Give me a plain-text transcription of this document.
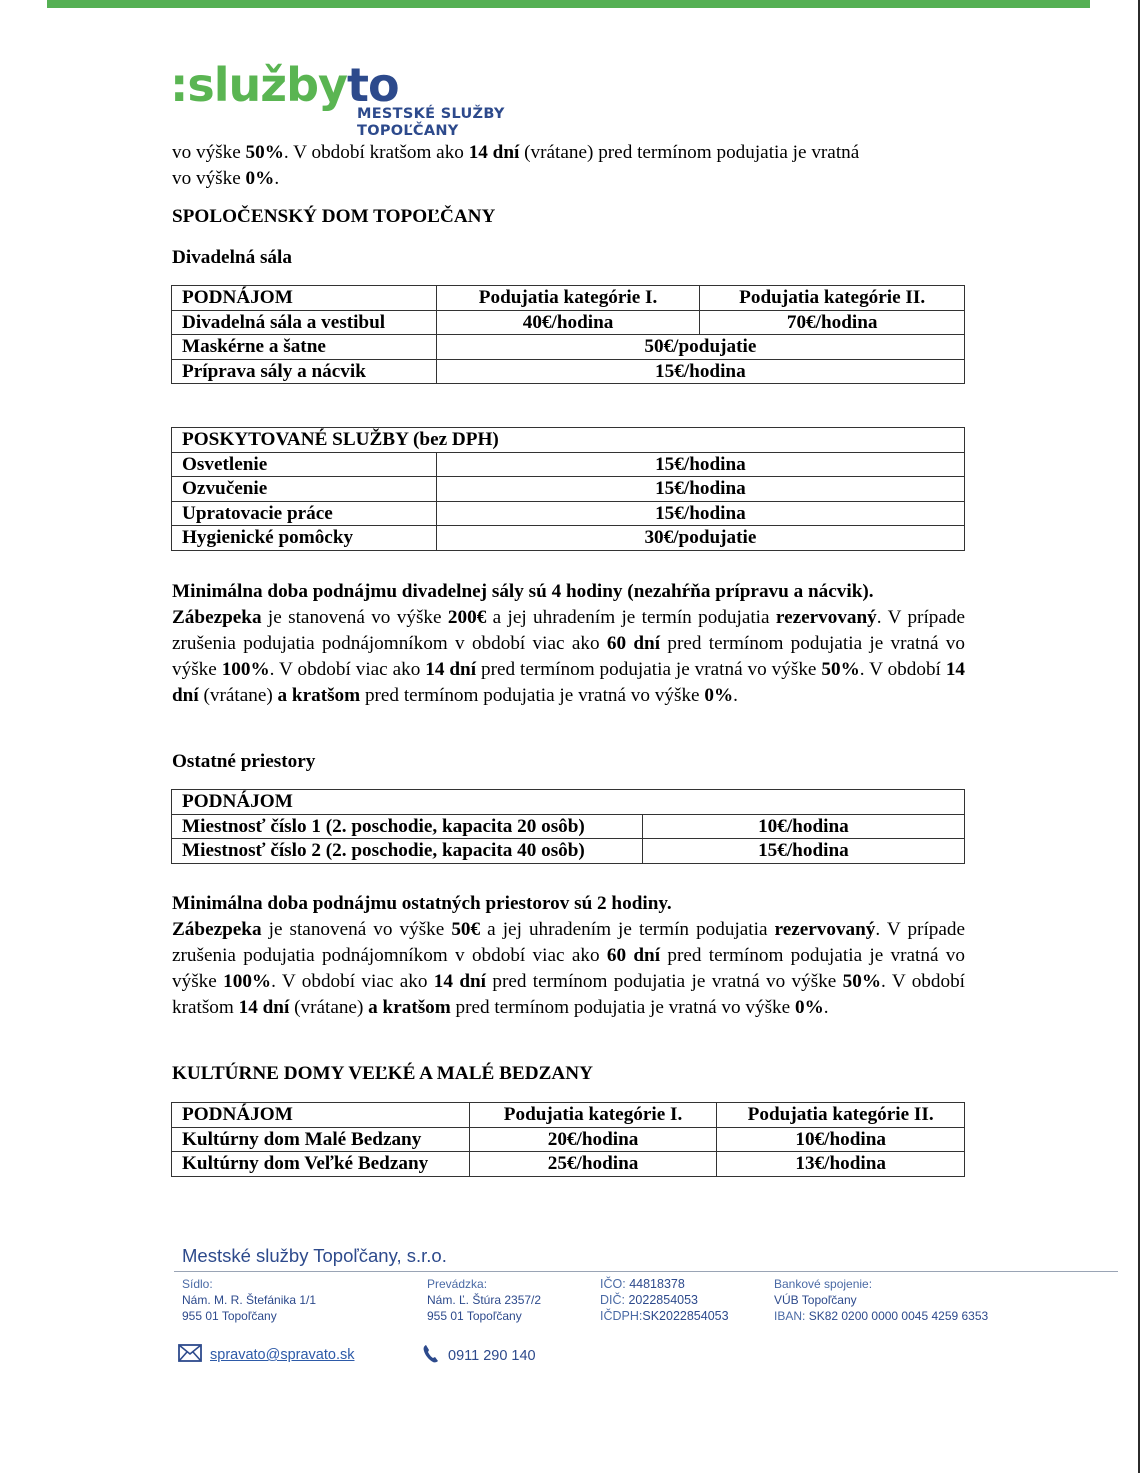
:službyto
MESTSKÉ SLUŽBY
TOPOĽČANY
vo výške 50%. V období kratšom ako 14 dní (vrátane) pred termínom podujatia je vratná
vo výške 0%.
SPOLOČENSKÝ DOM TOPOĽČANY
Divadelná sála
PODNÁJOM	Podujatia kategórie I.	Podujatia kategórie II.
Divadelná sála a vestibul	40€/hodina	70€/hodina
Maskérne a šatne	50€/podujatie	
Príprava sály a nácvik	15€/hodina	
POSKYTOVANÉ SLUŽBY (bez DPH)	
Osvetlenie	15€/hodina
Ozvučenie	15€/hodina
Upratovacie práce	15€/hodina
Hygienické pomôcky	30€/podujatie
Minimálna doba podnájmu divadelnej sály sú 4 hodiny (nezahŕňa prípravu a nácvik).
Zábezpeka je stanovená vo výške 200€ a jej uhradením je termín podujatia rezervovaný. V prípade zrušenia podujatia podnájomníkom v období viac ako 60 dní pred termínom podujatia je vratná vo výške 100%. V období viac ako 14 dní pred termínom podujatia je vratná vo výške 50%. V období 14 dní (vrátane) a kratšom pred termínom podujatia je vratná vo výške 0%.
Ostatné priestory
PODNÁJOM	
Miestnosť číslo 1 (2. poschodie, kapacita 20 osôb)	10€/hodina
Miestnosť číslo 2 (2. poschodie, kapacita 40 osôb)	15€/hodina
Minimálna doba podnájmu ostatných priestorov sú 2 hodiny.
Zábezpeka je stanovená vo výške 50€ a jej uhradením je termín podujatia rezervovaný. V prípade zrušenia podujatia podnájomníkom v období viac ako 60 dní pred termínom podujatia je vratná vo výške 100%. V období viac ako 14 dní pred termínom podujatia je vratná vo výške 50%. V období kratšom 14 dní (vrátane) a kratšom pred termínom podujatia je vratná vo výške 0%.
KULTÚRNE DOMY VEĽKÉ A MALÉ BEDZANY
PODNÁJOM	Podujatia kategórie I.	Podujatia kategórie II.
Kultúrny dom Malé Bedzany	20€/hodina	10€/hodina
Kultúrny dom Veľké Bedzany	25€/hodina	13€/hodina
Mestské služby Topoľčany, s.r.o.
Sídlo:
Nám. M. R. Štefánika 1/1
955 01 Topoľčany
Prevádzka:
Nám. Ľ. Štúra 2357/2
955 01 Topoľčany
IČO: 44818378
DIČ: 2022854053
IČDPH:SK2022854053
Bankové spojenie:
VÚB Topoľčany
IBAN: SK82 0200 0000 0045 4259 6353
spravato@spravato.sk	0911 290 140
